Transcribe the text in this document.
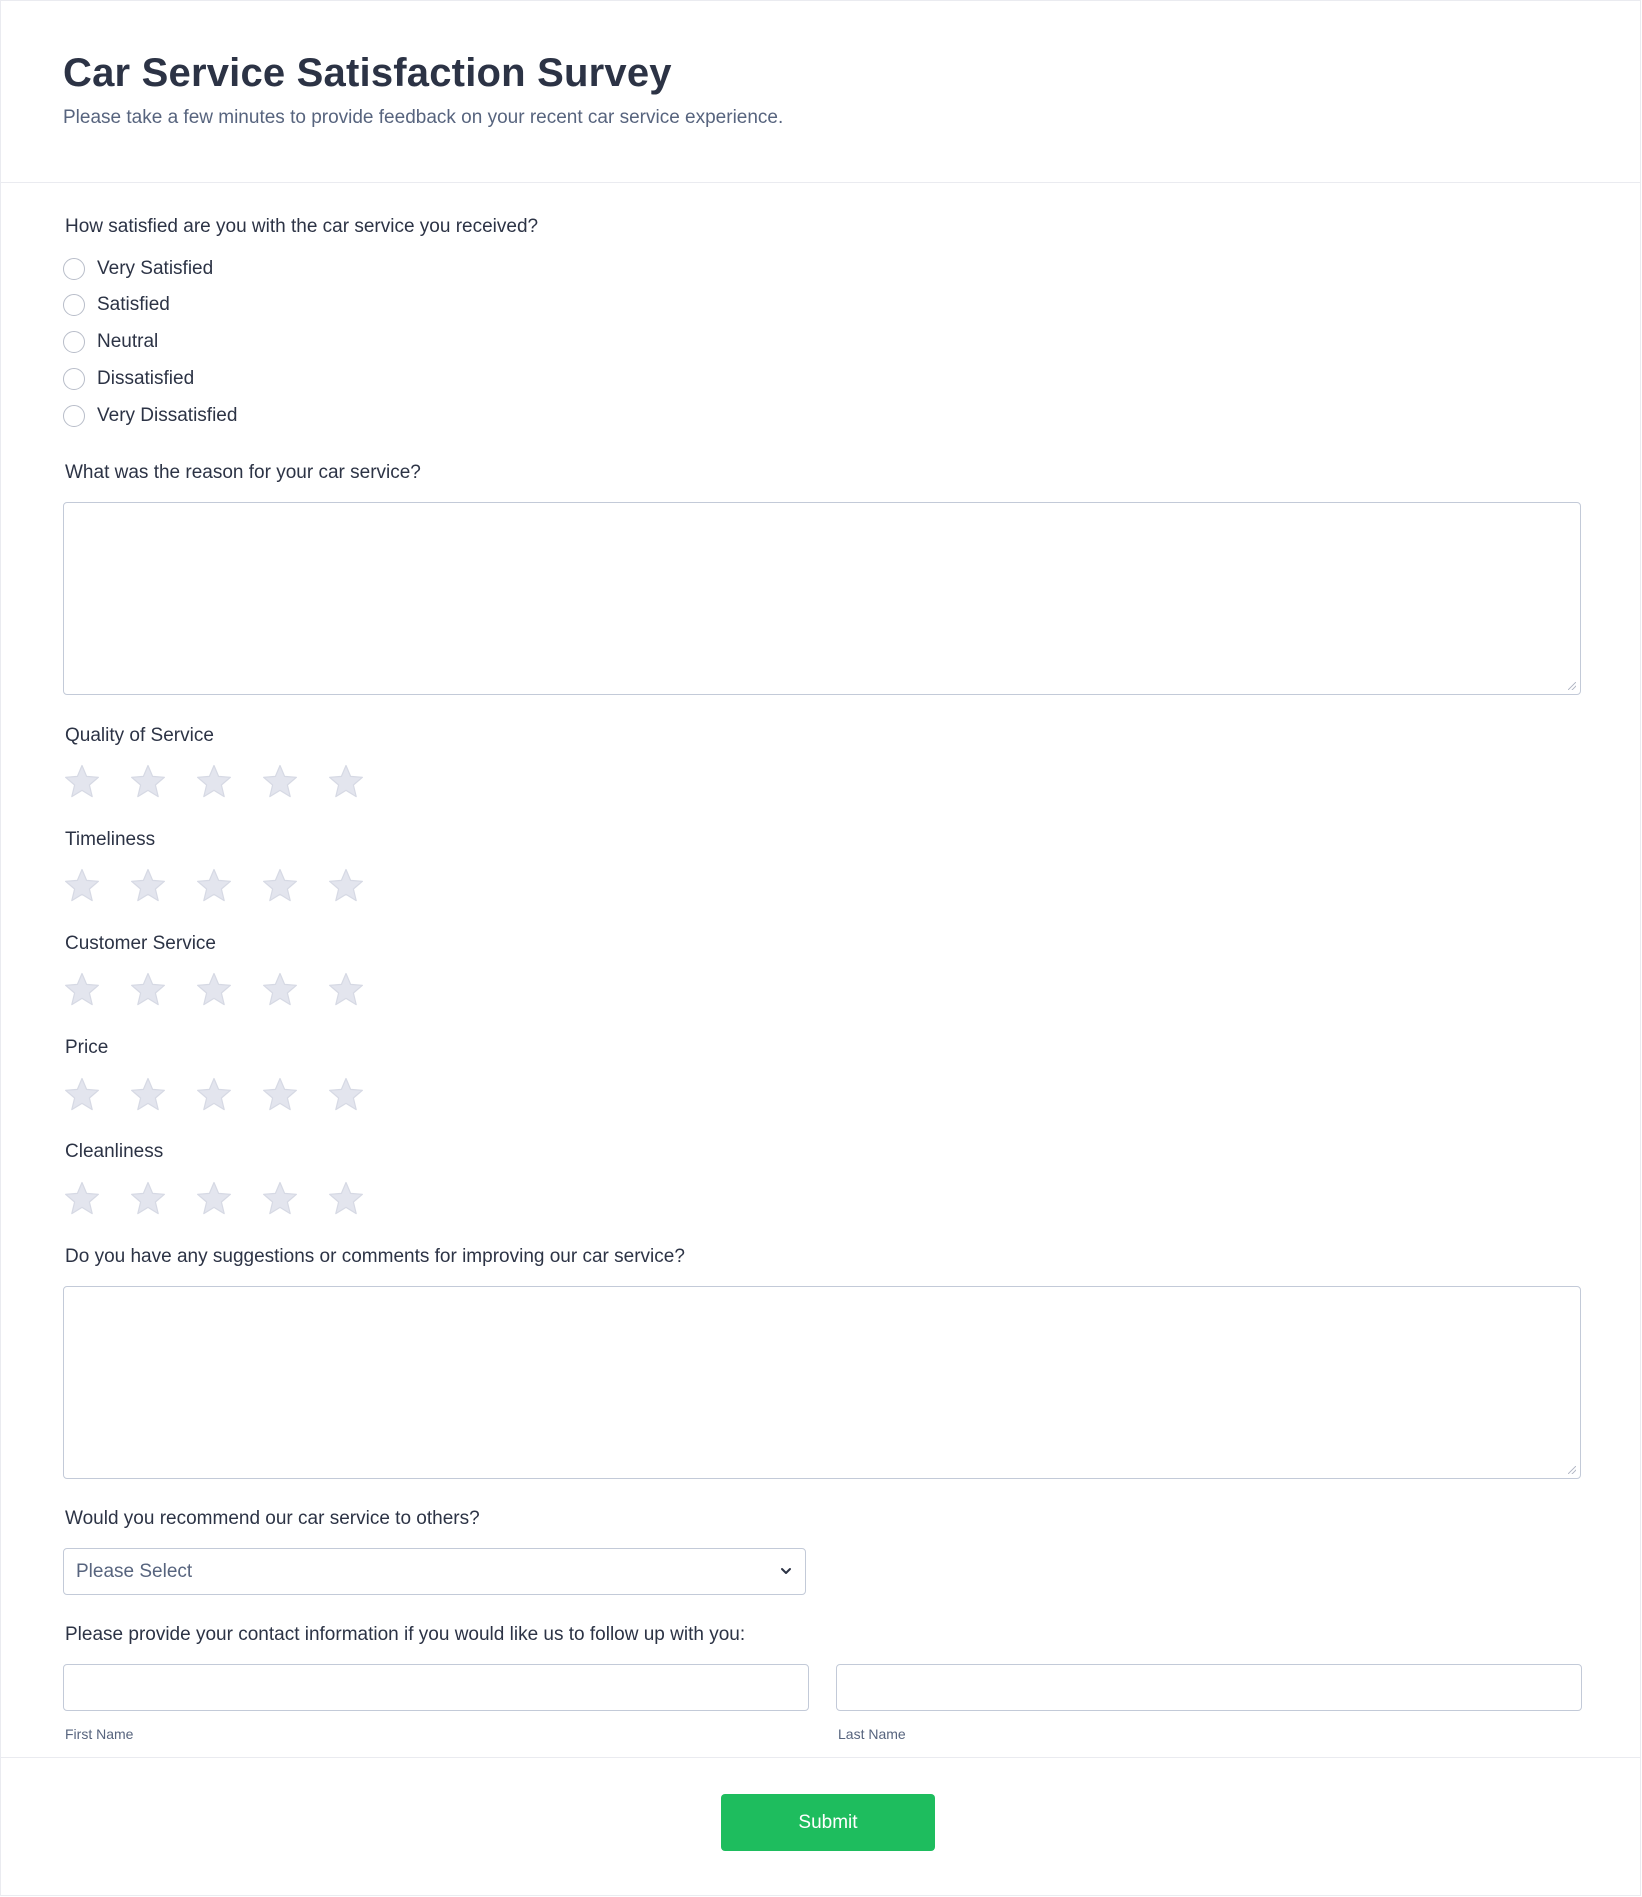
Car Service Satisfaction Survey

Please take a few minutes to provide feedback on your recent car service experience.

How satisfied are you with the car service you received?

Very Satisfied
Satisfied
Neutral
Dissatisfied
Very Dissatisfied

What was the reason for your car service?

Quality of Service

Timeliness

Customer Service

Price

Cleanliness

Do you have any suggestions or comments for improving our car service?

Would you recommend our car service to others?

Please Select

Please provide your contact information if you would like us to follow up with you:

First Name	Last Name
Submit
